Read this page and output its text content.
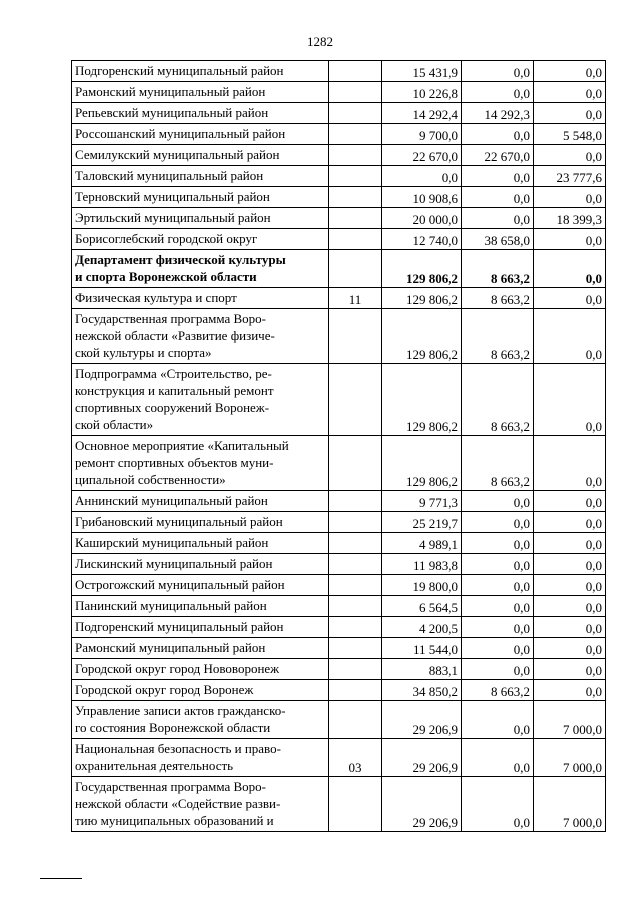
1282
Подгоренский муниципальный район		15 431,9	0,0	0,0
Рамонский муниципальный район		10 226,8	0,0	0,0
Репьевский муниципальный район		14 292,4	14 292,3	0,0
Россошанский муниципальный район		9 700,0	0,0	5 548,0
Семилукский муниципальный район		22 670,0	22 670,0	0,0
Таловский муниципальный район		0,0	0,0	23 777,6
Терновский муниципальный район		10 908,6	0,0	0,0
Эртильский муниципальный район		20 000,0	0,0	18 399,3
Борисоглебский городской округ		12 740,0	38 658,0	0,0
Департамент физической культуры
и спорта Воронежской области		129 806,2	8 663,2	0,0
Физическая культура и спорт	11	129 806,2	8 663,2	0,0
Государственная программа Воро-
нежской области «Развитие физиче-
ской культуры и спорта»		129 806,2	8 663,2	0,0
Подпрограмма «Строительство, ре-
конструкция и капитальный ремонт
спортивных сооружений Воронеж-
ской области»		129 806,2	8 663,2	0,0
Основное мероприятие «Капитальный
ремонт спортивных объектов муни-
ципальной собственности»		129 806,2	8 663,2	0,0
Аннинский муниципальный район		9 771,3	0,0	0,0
Грибановский муниципальный район		25 219,7	0,0	0,0
Каширский муниципальный район		4 989,1	0,0	0,0
Лискинский муниципальный район		11 983,8	0,0	0,0
Острогожский муниципальный район		19 800,0	0,0	0,0
Панинский муниципальный район		6 564,5	0,0	0,0
Подгоренский муниципальный район		4 200,5	0,0	0,0
Рамонский муниципальный район		11 544,0	0,0	0,0
Городской округ город Нововоронеж		883,1	0,0	0,0
Городской округ город Воронеж		34 850,2	8 663,2	0,0
Управление записи актов гражданско-
го состояния Воронежской области		29 206,9	0,0	7 000,0
Национальная безопасность и право-
охранительная деятельность	03	29 206,9	0,0	7 000,0
Государственная программа Воро-
нежской области «Содействие разви-
тию муниципальных образований и		29 206,9	0,0	7 000,0
